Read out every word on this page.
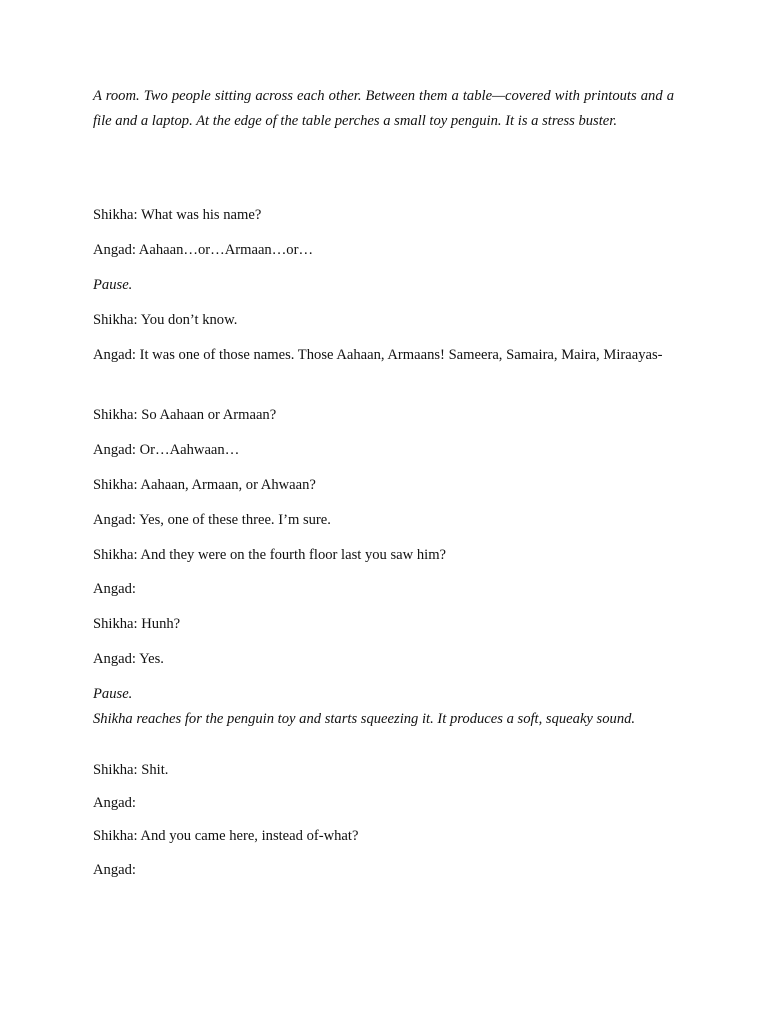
A room. Two people sitting across each other. Between them a table—covered with printouts and a file and a laptop. At the edge of the table perches a small toy penguin. It is a stress buster.

Shikha: What was his name?

Angad: Aahaan…or…Armaan…or…

Pause.

Shikha: You don’t know.

Angad: It was one of those names. Those Aahaan, Armaans! Sameera, Samaira, Maira, Miraayas-

Shikha: So Aahaan or Armaan?

Angad: Or…Aahwaan…

Shikha: Aahaan, Armaan, or Ahwaan?

Angad: Yes, one of these three. I’m sure.

Shikha: And they were on the fourth floor last you saw him?

Angad:

Shikha: Hunh?

Angad: Yes.

Pause.

Shikha reaches for the penguin toy and starts squeezing it. It produces a soft, squeaky sound.

Shikha: Shit.

Angad:

Shikha: And you came here, instead of-what?

Angad:
